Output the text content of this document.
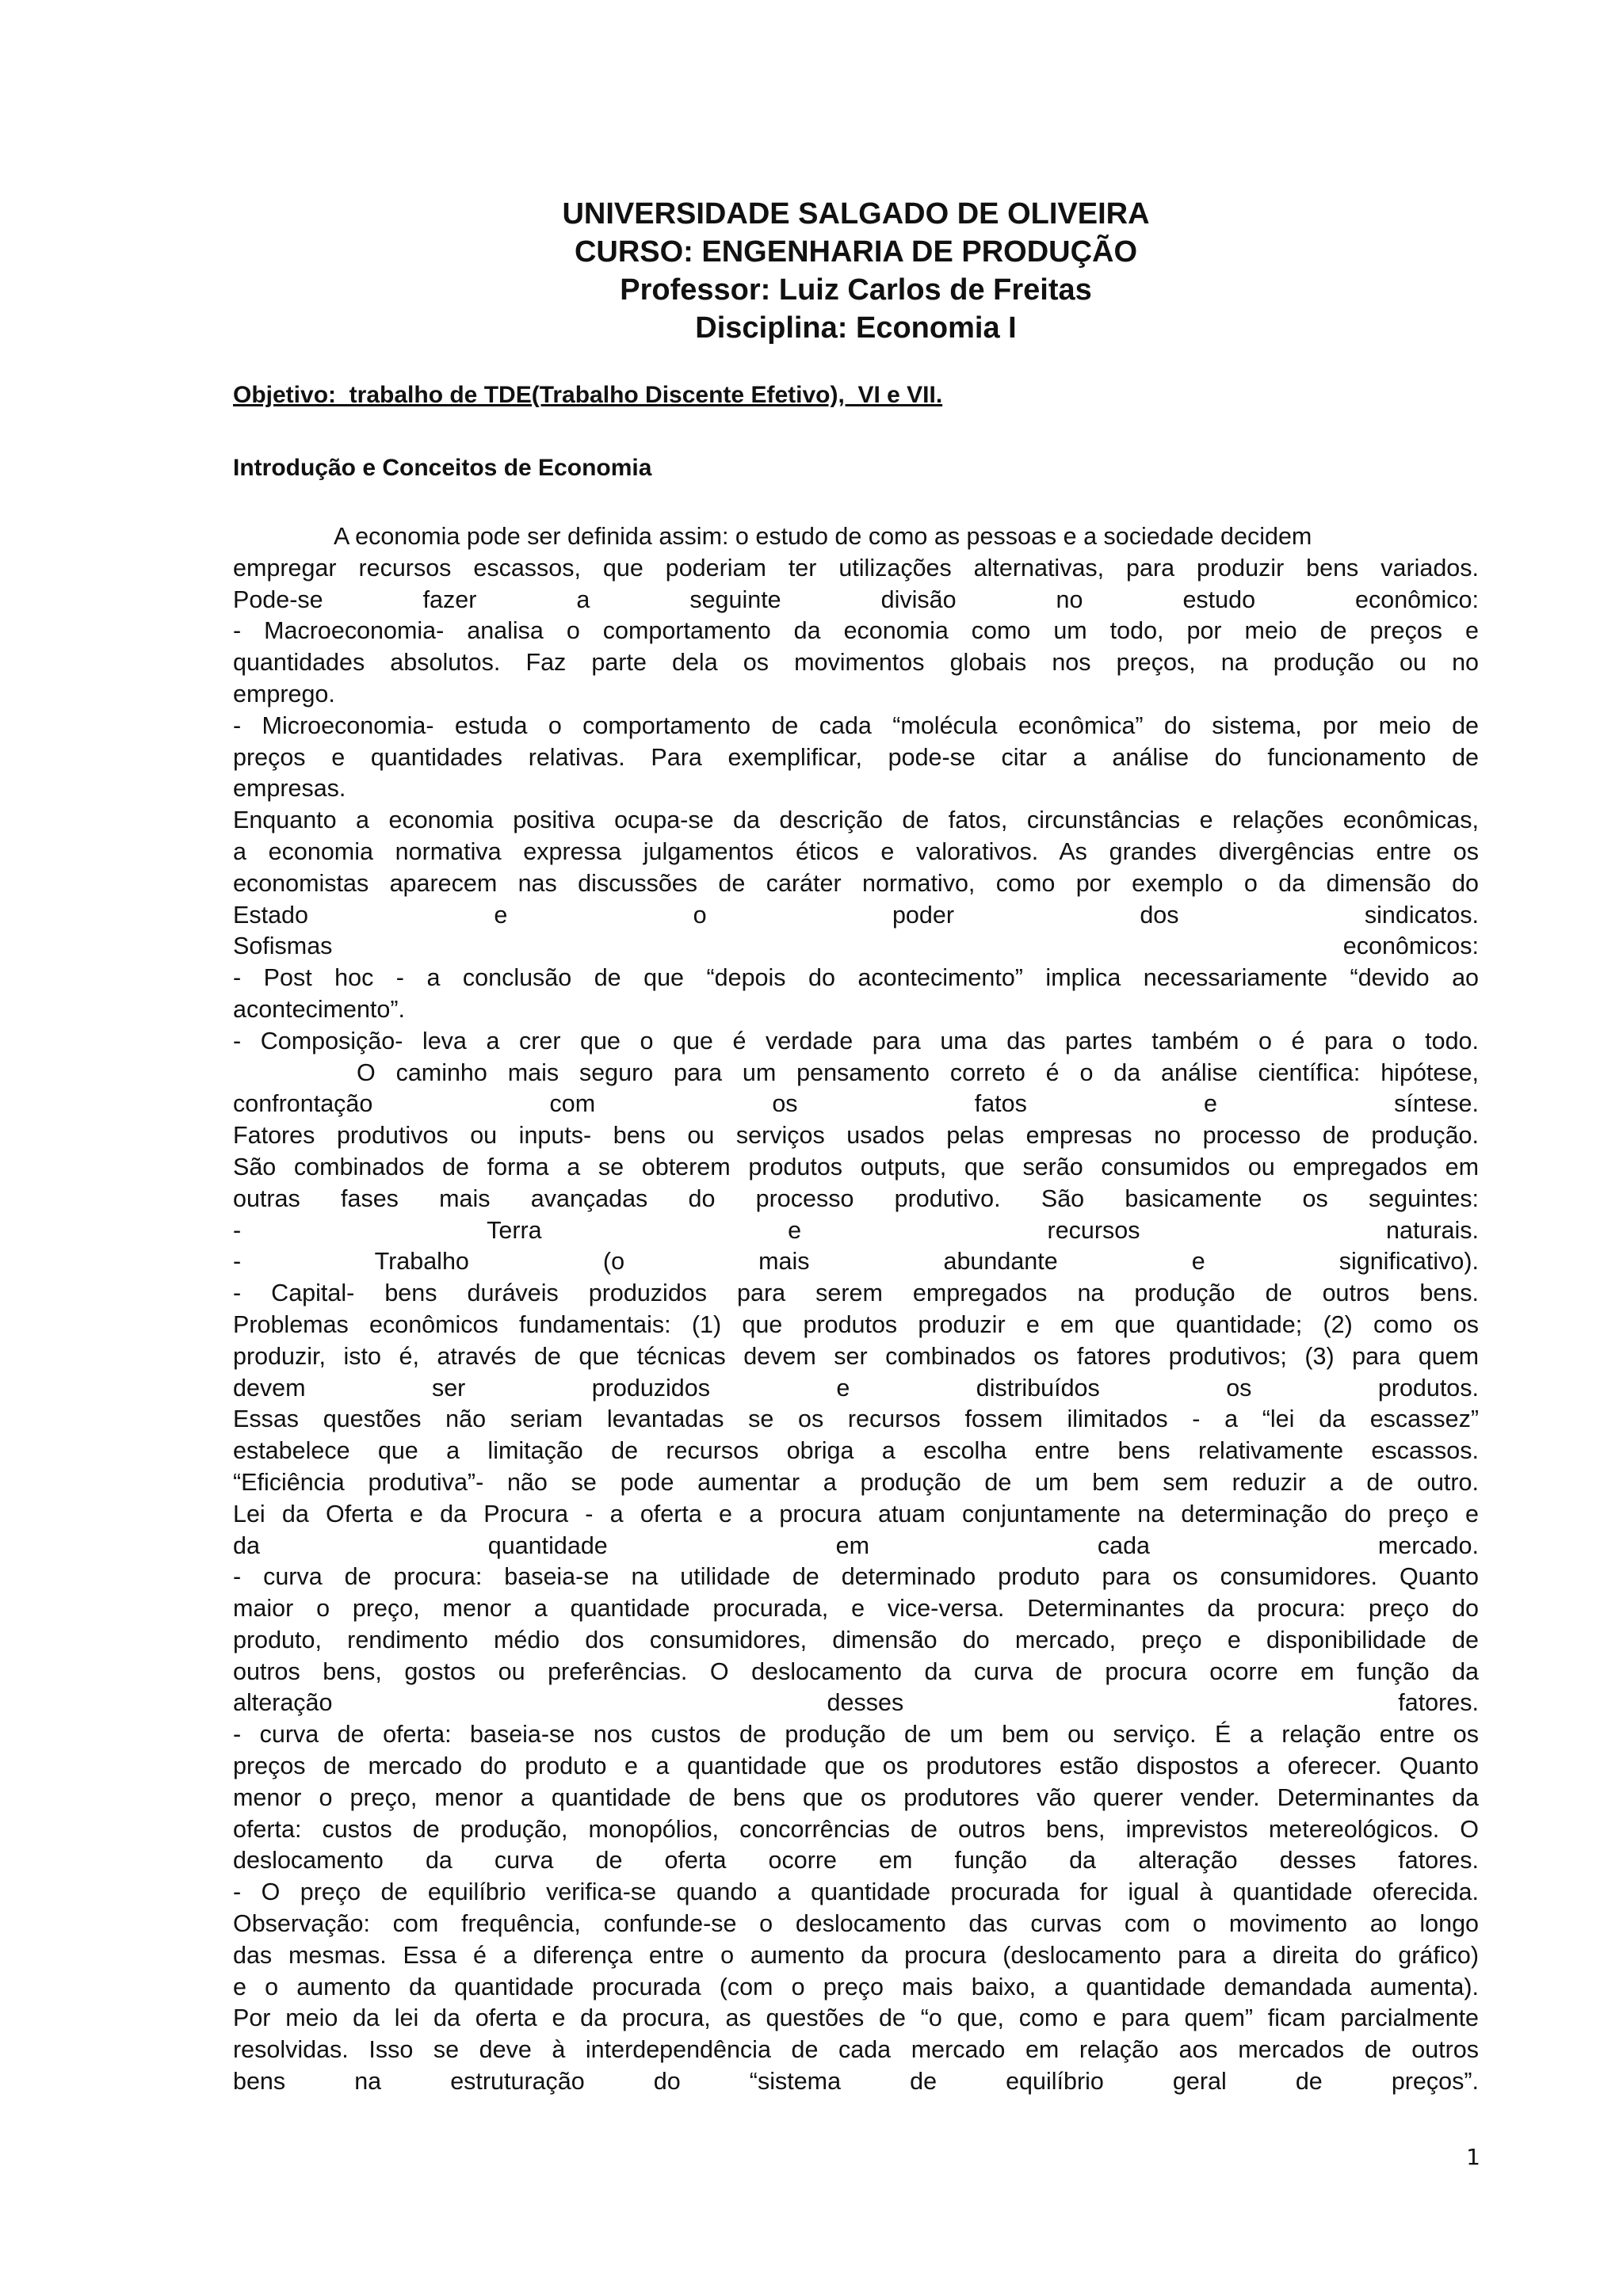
UNIVERSIDADE SALGADO DE OLIVEIRA
CURSO: ENGENHARIA DE PRODUÇÃO
Professor: Luiz Carlos de Freitas
Disciplina: Economia I
Objetivo:  trabalho de TDE(Trabalho Discente Efetivo),  VI e VII.
Introdução e Conceitos de Economia
A economia pode ser definida assim: o estudo de como as pessoas e a sociedade decidem
empregar recursos escassos, que poderiam ter utilizações alternativas, para produzir bens variados.
Pode-se fazer a seguinte divisão no estudo econômico:
- Macroeconomia- analisa o comportamento da economia como um todo, por meio de preços e
quantidades absolutos. Faz parte dela os movimentos globais nos preços, na produção ou no
emprego.
- Microeconomia- estuda o comportamento de cada “molécula econômica” do sistema, por meio de
preços e quantidades relativas. Para exemplificar, pode-se citar a análise do funcionamento de
empresas.
Enquanto a economia positiva ocupa-se da descrição de fatos, circunstâncias e relações econômicas,
a economia normativa expressa julgamentos éticos e valorativos. As grandes divergências entre os
economistas aparecem nas discussões de caráter normativo, como por exemplo o da dimensão do
Estado e o poder dos sindicatos.
Sofismas econômicos:
- Post hoc - a conclusão de que “depois do acontecimento” implica necessariamente “devido ao
acontecimento”.
- Composição- leva a crer que o que é verdade para uma das partes também o é para o todo.
O caminho mais seguro para um pensamento correto é o da análise científica: hipótese,
confrontação com os fatos e síntese.
Fatores produtivos ou inputs- bens ou serviços usados pelas empresas no processo de produção.
São combinados de forma a se obterem produtos outputs, que serão consumidos ou empregados em
outras fases mais avançadas do processo produtivo. São basicamente os seguintes:
- Terra e recursos naturais.
- Trabalho (o mais abundante e significativo).
- Capital- bens duráveis produzidos para serem empregados na produção de outros bens.
Problemas econômicos fundamentais: (1) que produtos produzir e em que quantidade; (2) como os
produzir, isto é, através de que técnicas devem ser combinados os fatores produtivos; (3) para quem
devem ser produzidos e distribuídos os produtos.
Essas questões não seriam levantadas se os recursos fossem ilimitados - a “lei da escassez”
estabelece que a limitação de recursos obriga a escolha entre bens relativamente escassos.
“Eficiência produtiva”- não se pode aumentar a produção de um bem sem reduzir a de outro.
Lei da Oferta e da Procura - a oferta e a procura atuam conjuntamente na determinação do preço e
da quantidade em cada mercado.
- curva de procura: baseia-se na utilidade de determinado produto para os consumidores. Quanto
maior o preço, menor a quantidade procurada, e vice-versa. Determinantes da procura: preço do
produto, rendimento médio dos consumidores, dimensão do mercado, preço e disponibilidade de
outros bens, gostos ou preferências. O deslocamento da curva de procura ocorre em função da
alteração desses fatores.
- curva de oferta: baseia-se nos custos de produção de um bem ou serviço. É a relação entre os
preços de mercado do produto e a quantidade que os produtores estão dispostos a oferecer. Quanto
menor o preço, menor a quantidade de bens que os produtores vão querer vender. Determinantes da
oferta: custos de produção, monopólios, concorrências de outros bens, imprevistos metereológicos. O
deslocamento da curva de oferta ocorre em função da alteração desses fatores.
- O preço de equilíbrio verifica-se quando a quantidade procurada for igual à quantidade oferecida.
Observação: com frequência, confunde-se o deslocamento das curvas com o movimento ao longo
das mesmas. Essa é a diferença entre o aumento da procura (deslocamento para a direita do gráfico)
e o aumento da quantidade procurada (com o preço mais baixo, a quantidade demandada aumenta).
Por meio da lei da oferta e da procura, as questões de “o que, como e para quem” ficam parcialmente
resolvidas. Isso se deve à interdependência de cada mercado em relação aos mercados de outros
bens na estruturação do “sistema de equilíbrio geral de preços”.
1
